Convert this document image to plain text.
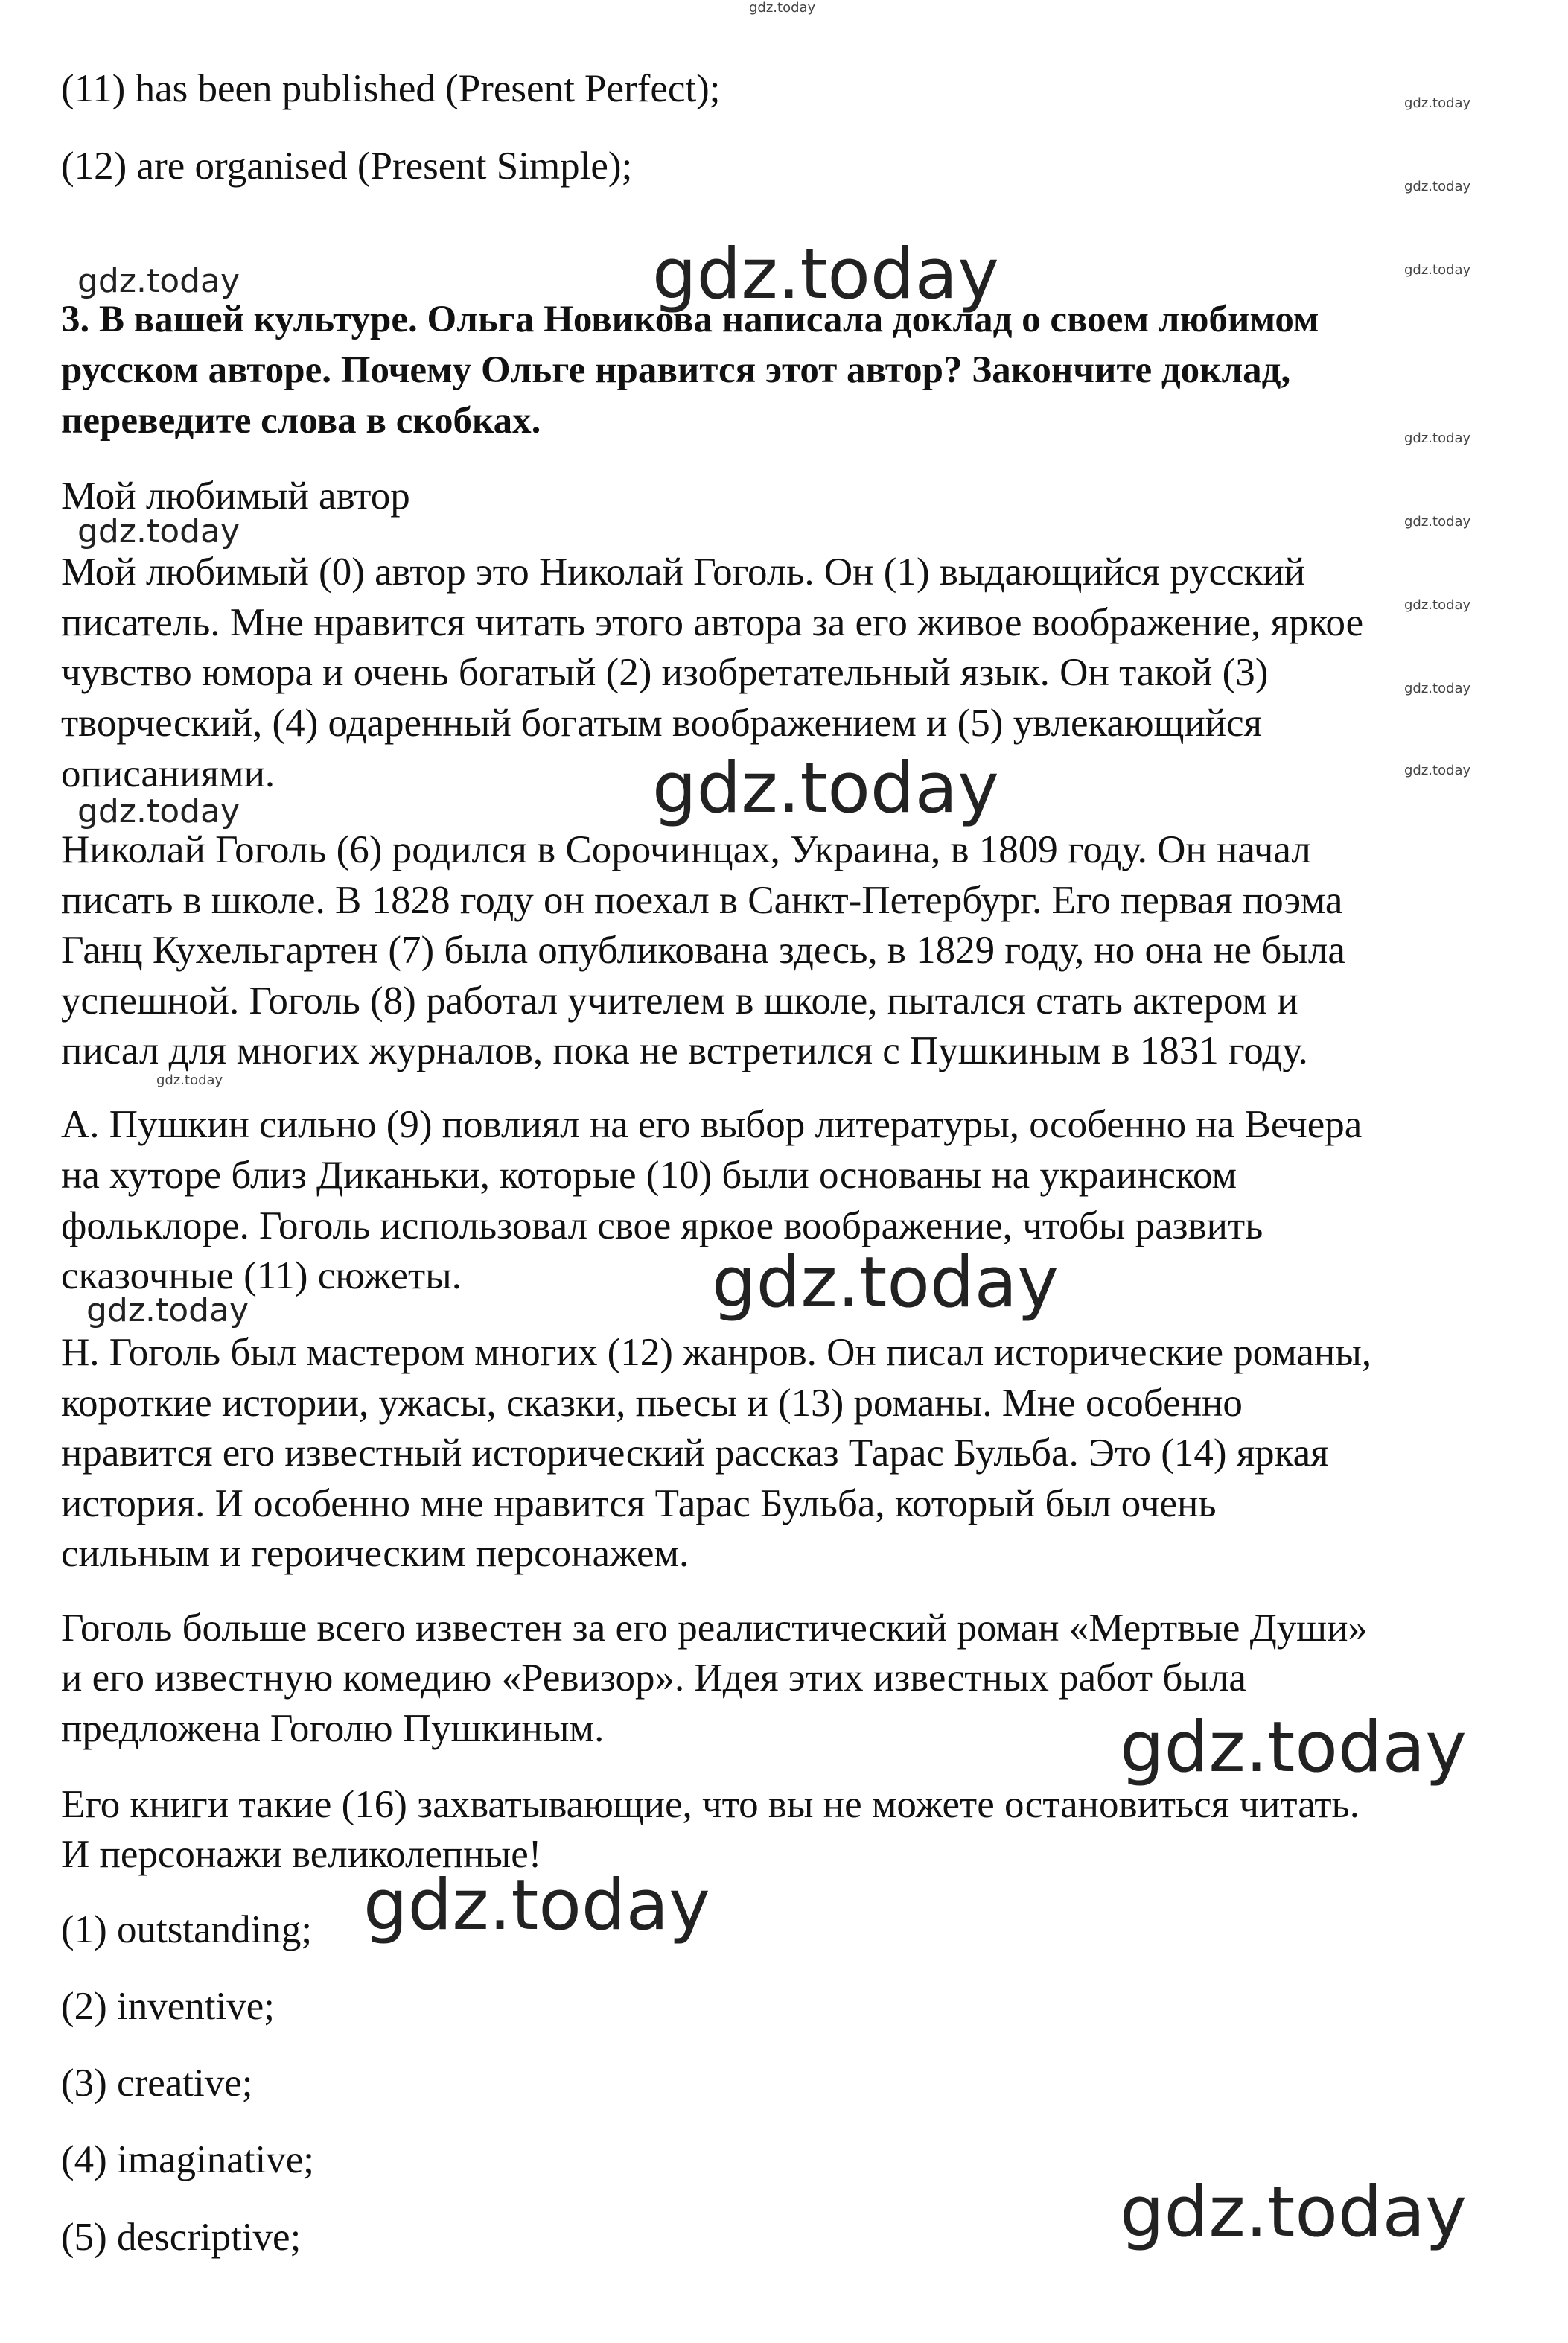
(11) has been published (Present Perfect);
(12) are organised (Present Simple);
3. В вашей культуре. Ольга Новикова написала доклад о своем любимом
русском авторе. Почему Ольге нравится этот автор? Закончите доклад,
переведите слова в скобках.
Мой любимый автор
Мой любимый (0) автор это Николай Гоголь. Он (1) выдающийся русский
писатель. Мне нравится читать этого автора за его живое воображение, яркое
чувство юмора и очень богатый (2) изобретательный язык. Он такой (3)
творческий, (4) одаренный богатым воображением и (5) увлекающийся
описаниями.
Николай Гоголь (6) родился в Сорочинцах, Украина, в 1809 году. Он начал
писать в школе. В 1828 году он поехал в Санкт-Петербург. Его первая поэма
Ганц Кухельгартен (7) была опубликована здесь, в 1829 году, но она не была
успешной. Гоголь (8) работал учителем в школе, пытался стать актером и
писал для многих журналов, пока не встретился с Пушкиным в 1831 году.
А. Пушкин сильно (9) повлиял на его выбор литературы, особенно на Вечера
на хуторе близ Диканьки, которые (10) были основаны на украинском
фольклоре. Гоголь использовал свое яркое воображение, чтобы развить
сказочные (11) сюжеты.
Н. Гоголь был мастером многих (12) жанров. Он писал исторические романы,
короткие истории, ужасы, сказки, пьесы и (13) романы. Мне особенно
нравится его известный исторический рассказ Тарас Бульба. Это (14) яркая
история. И особенно мне нравится Тарас Бульба, который был очень
сильным и героическим персонажем.
Гоголь больше всего известен за его реалистический роман «Мертвые Души»
и его известную комедию «Ревизор». Идея этих известных работ была
предложена Гоголю Пушкиным.
Его книги такие (16) захватывающие, что вы не можете остановиться читать.
И персонажи великолепные!
(1) outstanding;
(2) inventive;
(3) creative;
(4) imaginative;
(5) descriptive;
gdz.today
gdz.today
gdz.today
gdz.today
gdz.today
gdz.today
gdz.today
gdz.today
gdz.today
gdz.today
gdz.today
gdz.today
gdz.today
gdz.today
gdz.today
gdz.today
gdz.today
gdz.today
gdz.today
gdz.today
